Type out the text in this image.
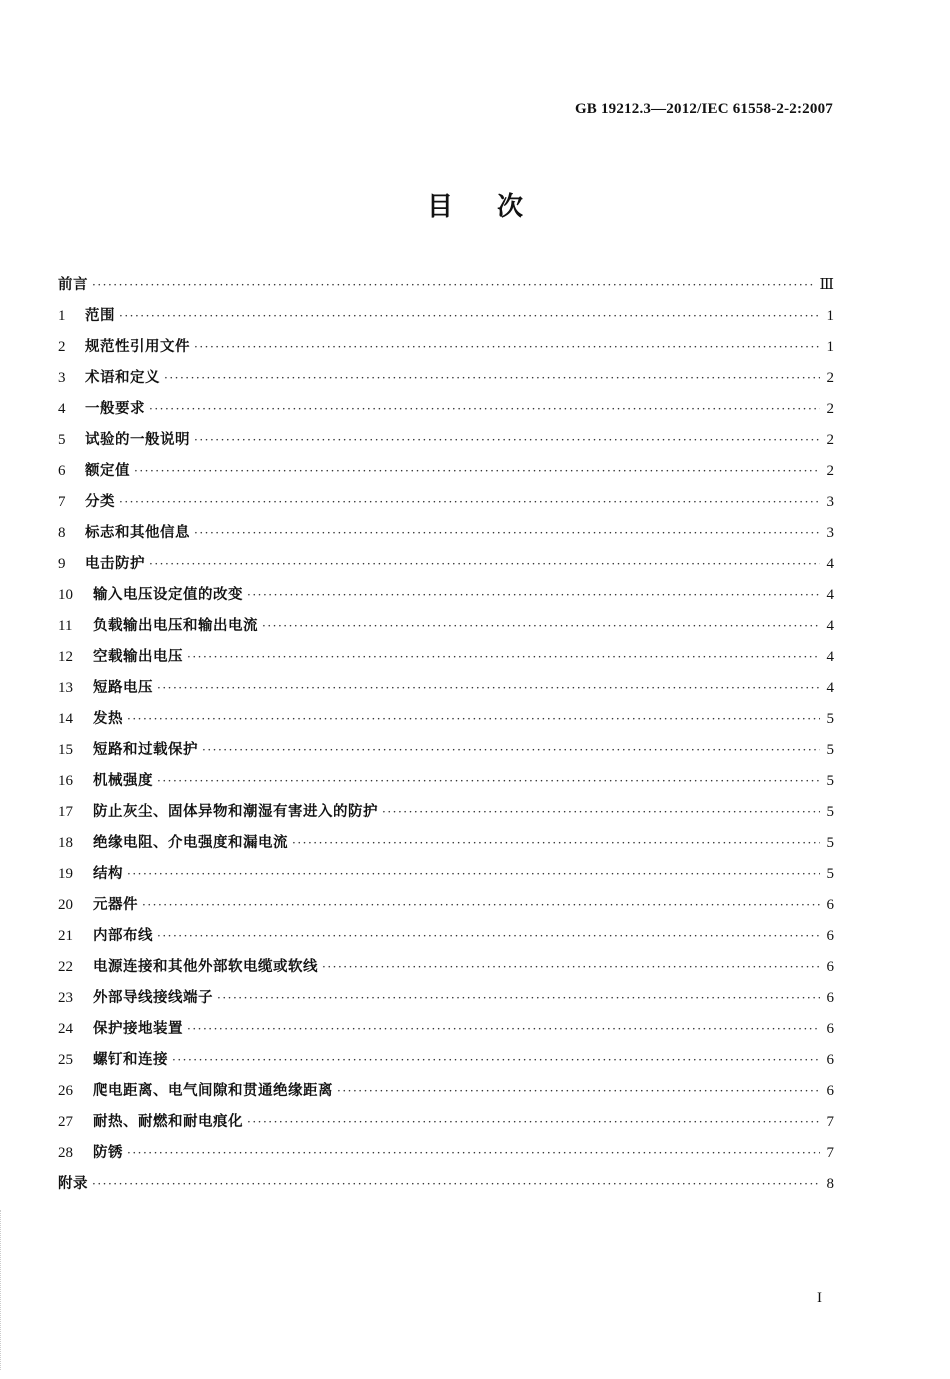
GB 19212.3—2012/IEC 61558-2-2:2007
目次
前言 ·····	Ⅲ
1	范围 ·····	1
2	规范性引用文件 ·····	1
3	术语和定义 ·····	2
4	一般要求 ·····	2
5	试验的一般说明 ·····	2
6	额定值 ·····	2
7	分类 ·····	3
8	标志和其他信息 ·····	3
9	电击防护 ·····	4
10	输入电压设定值的改变 ·····	4
11	负载输出电压和输出电流 ·····	4
12	空载输出电压 ·····	4
13	短路电压 ·····	4
14	发热 ·····	5
15	短路和过载保护 ·····	5
16	机械强度 ·····	5
17	防止灰尘、固体异物和潮湿有害进入的防护 ·····	5
18	绝缘电阻、介电强度和漏电流 ·····	5
19	结构 ·····	5
20	元器件 ·····	6
21	内部布线 ·····	6
22	电源连接和其他外部软电缆或软线 ·····	6
23	外部导线接线端子 ·····	6
24	保护接地装置 ·····	6
25	螺钉和连接 ·····	6
26	爬电距离、电气间隙和贯通绝缘距离 ·····	6
27	耐热、耐燃和耐电痕化 ·····	7
28	防锈 ·····	7
附录 ·····	8
I
